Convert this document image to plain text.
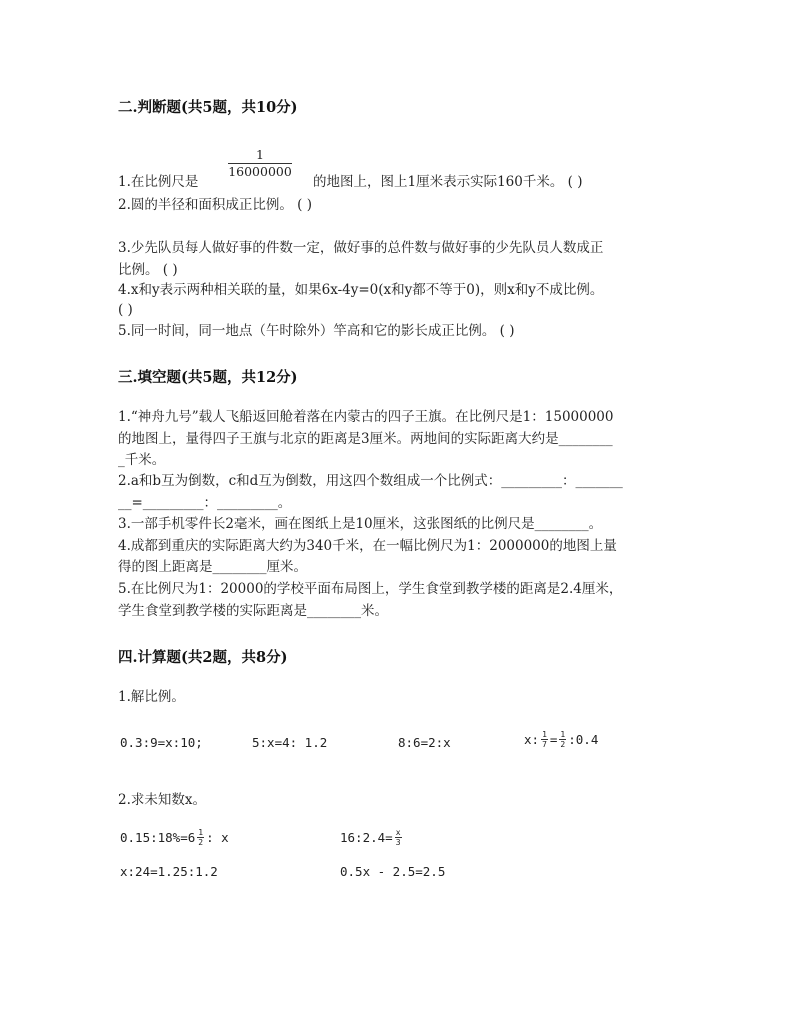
二.判断题(共5题，共10分)
$\frac{1}{16000000}$
1.在比例尺是	的地图上，图上1厘米表示实际160千米。 ( )
2.圆的半径和面积成正比例。 ( )
3.少先队员每人做好事的件数一定，做好事的总件数与做好事的少先队员人数成正
比例。 ( )
4.x和y表示两种相关联的量，如果6x-4y=0(x和y都不等于0)，则x和y不成比例。
( )
5.同一时间，同一地点（午时除外）竿高和它的影长成正比例。 ( )
三.填空题(共5题，共12分)
1.“神舟九号”载人飞船返回舱着落在内蒙古的四子王旗。在比例尺是1：15000000
的地图上，量得四子王旗与北京的距离是3厘米。两地间的实际距离大约是________
_千米。
2.a和b互为倒数，c和d互为倒数，用这四个数组成一个比例式：_________：_______
__=_________：_________。
3.一部手机零件长2毫米，画在图纸上是10厘米，这张图纸的比例尺是________。
4.成都到重庆的实际距离大约为340千米，在一幅比例尺为1：2000000的地图上量
得的图上距离是________厘米。
5.在比例尺为1：20000的学校平面布局图上，学生食堂到教学楼的距离是2.4厘米，
学生食堂到教学楼的实际距离是________米。
四.计算题(共2题，共8分)
1.解比例。
0.3:9=x:10;	5:x=4: 1.2	8:6=2:x	x: $\frac{1}{7} = \frac{1}{2}$ :0.4
2.求未知数x。
0.15:18%=6 $\frac{1}{2}$ : x	16:2.4= $\frac{x}{3}$
x:24=1.25:1.2	0.5x - 2.5=2.5
